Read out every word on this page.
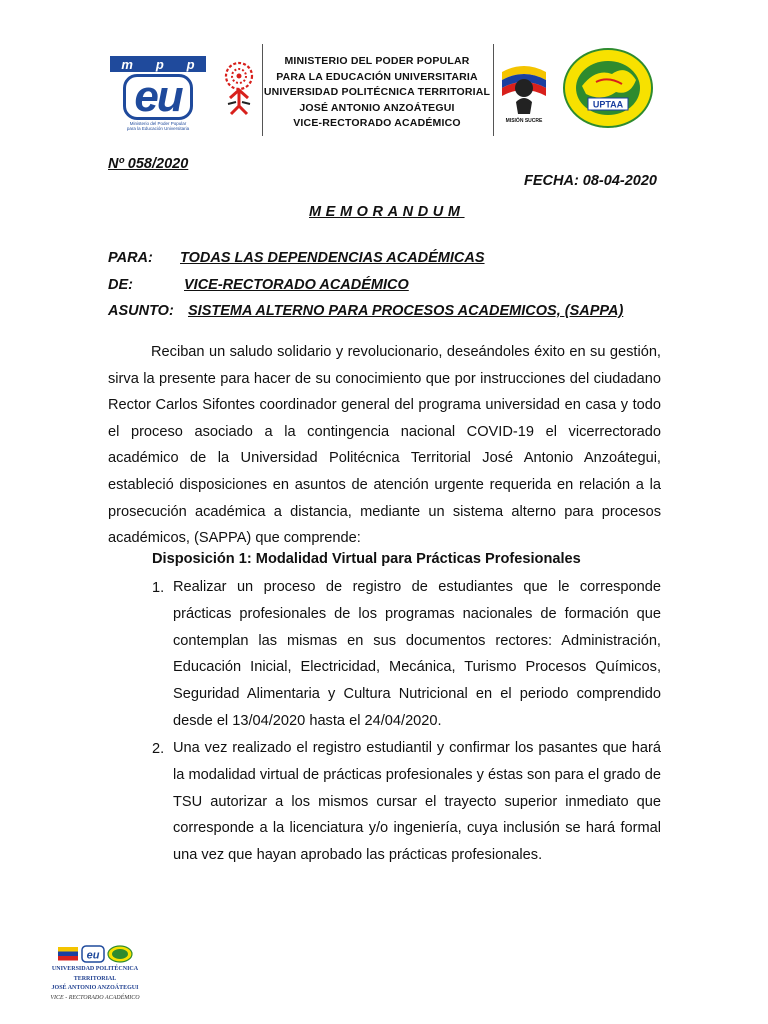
m p p
eu
Ministerio del Poder Popular
para la Educación Universitaria
MINISTERIO DEL PODER POPULAR
PARA LA EDUCACIÓN UNIVERSITARIA
UNIVERSIDAD POLITÉCNICA TERRITORIAL
JOSÉ ANTONIO ANZOÁTEGUI
VICE-RECTORADO ACADÉMICO	MISIÓN SUCRE
UPTAA
Nº 058/2020
FECHA: 08-04-2020
MEMORANDUM
PARA: TODAS LAS DEPENDENCIAS ACADÉMICAS
DE:	VICE-RECTORADO ACADÉMICO
ASUNTO: SISTEMA ALTERNO PARA PROCESOS ACADEMICOS, (SAPPA)
Reciban un saludo solidario y revolucionario, deseándoles éxito en su gestión, sirva la presente para hacer de su conocimiento que por instrucciones del ciudadano Rector Carlos Sifontes coordinador general del programa universidad en casa y todo el proceso asociado a la contingencia nacional COVID-19 el vicerrectorado académico de la Universidad Politécnica Territorial José Antonio Anzoátegui, estableció disposiciones en asuntos de atención urgente requerida en relación a la prosecución académica a distancia, mediante un sistema alterno para procesos académicos, (SAPPA) que comprende:
Disposición 1: Modalidad Virtual para Prácticas Profesionales
1. Realizar un proceso de registro de estudiantes que le corresponde prácticas profesionales de los programas nacionales de formación que contemplan las mismas en sus documentos rectores: Administración, Educación Inicial, Electricidad, Mecánica, Turismo Procesos Químicos, Seguridad Alimentaria y Cultura Nutricional en el periodo comprendido desde el 13/04/2020 hasta el 24/04/2020.
2. Una vez realizado el registro estudiantil y confirmar los pasantes que hará la modalidad virtual de prácticas profesionales y éstas son para el grado de TSU autorizar a los mismos cursar el trayecto superior inmediato que corresponde a la licenciatura y/o ingeniería, cuya inclusión se hará formal una vez que hayan aprobado las prácticas profesionales.
eu
UNIVERSIDAD POLITÉCNICA
TERRITORIAL
JOSÉ ANTONIO ANZOÁTEGUI
VICE - RECTORADO ACADÉMICO
